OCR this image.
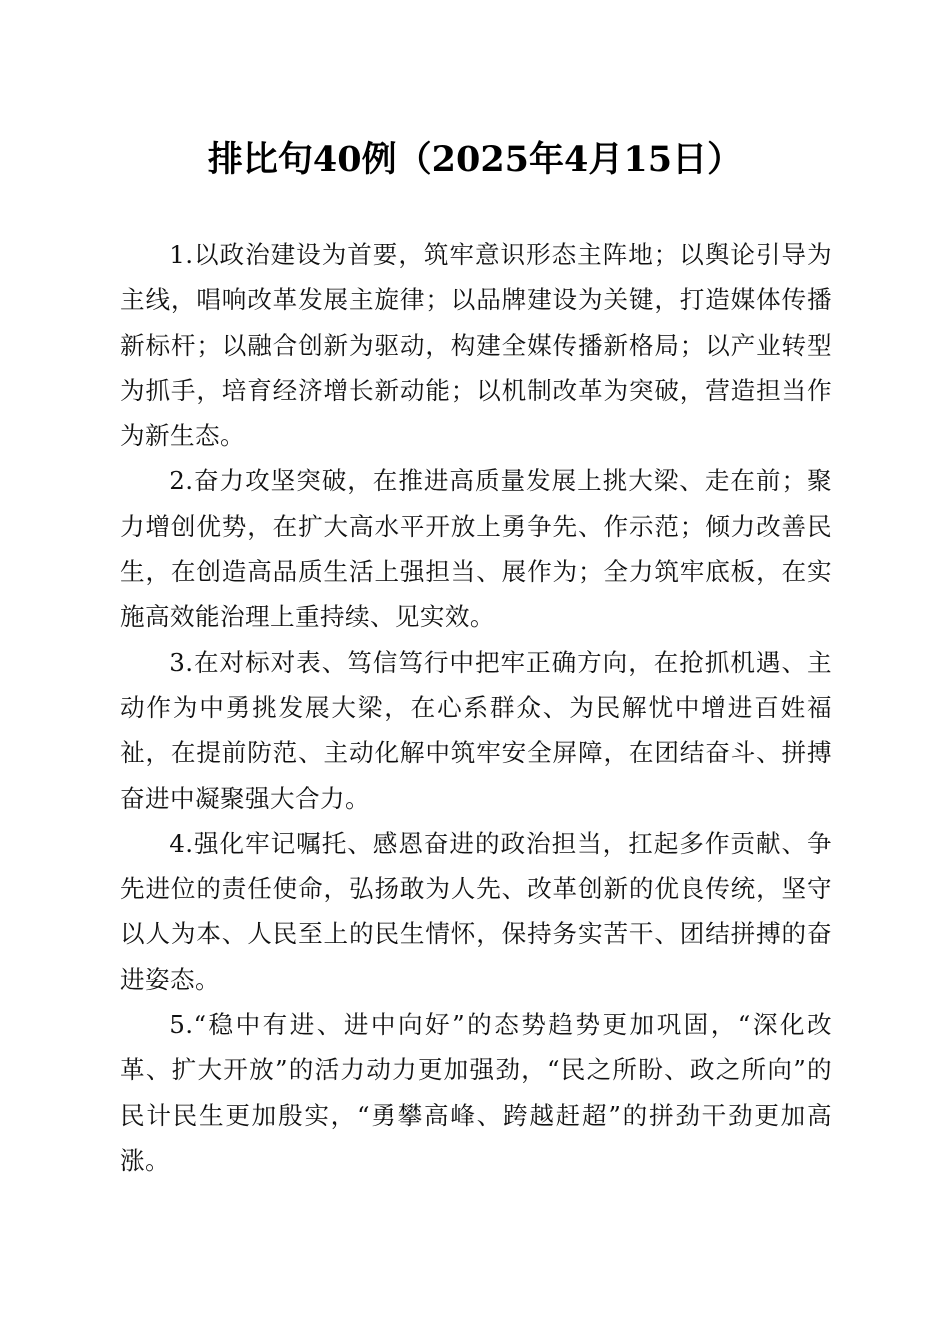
排比句40例（2025年4月15日）

1.以政治建设为首要，筑牢意识形态主阵地；以舆论引导为主线，唱响改革发展主旋律；以品牌建设为关键，打造媒体传播新标杆；以融合创新为驱动，构建全媒传播新格局；以产业转型为抓手，培育经济增长新动能；以机制改革为突破，营造担当作为新生态。

2.奋力攻坚突破，在推进高质量发展上挑大梁、走在前；聚力增创优势，在扩大高水平开放上勇争先、作示范；倾力改善民生，在创造高品质生活上强担当、展作为；全力筑牢底板，在实施高效能治理上重持续、见实效。

3.在对标对表、笃信笃行中把牢正确方向，在抢抓机遇、主动作为中勇挑发展大梁，在心系群众、为民解忧中增进百姓福祉，在提前防范、主动化解中筑牢安全屏障，在团结奋斗、拼搏奋进中凝聚强大合力。

4.强化牢记嘱托、感恩奋进的政治担当，扛起多作贡献、争先进位的责任使命，弘扬敢为人先、改革创新的优良传统，坚守以人为本、人民至上的民生情怀，保持务实苦干、团结拼搏的奋进姿态。

5.“稳中有进、进中向好”的态势趋势更加巩固，“深化改革、扩大开放”的活力动力更加强劲，“民之所盼、政之所向”的民计民生更加殷实，“勇攀高峰、跨越赶超”的拼劲干劲更加高涨。
